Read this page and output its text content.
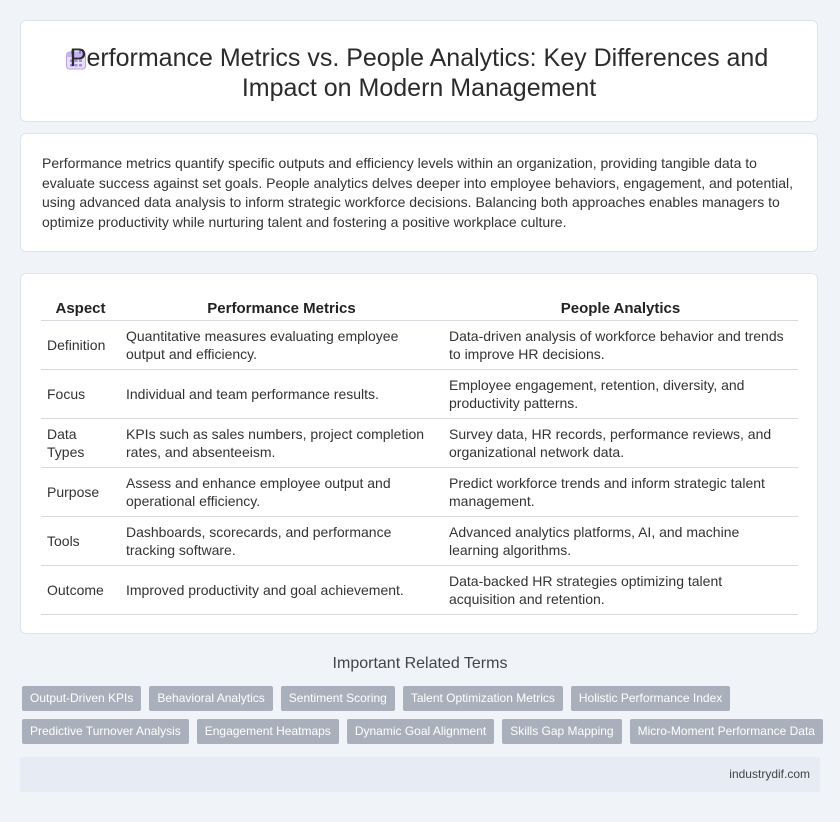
Performance Metrics vs. People Analytics: Key Differences and
Impact on Modern Management
Performance metrics quantify specific outputs and efficiency levels within an organization, providing tangible data to evaluate success against set goals. People analytics delves deeper into employee behaviors, engagement, and potential, using advanced data analysis to inform strategic workforce decisions. Balancing both approaches enables managers to optimize productivity while nurturing talent and fostering a positive workplace culture.
Aspect	Performance Metrics	People Analytics
Definition	Quantitative measures evaluating employee output and efficiency.	Data-driven analysis of workforce behavior and trends to improve HR decisions.
Focus	Individual and team performance results.	Employee engagement, retention, diversity, and productivity patterns.
Data Types	KPIs such as sales numbers, project completion rates, and absenteeism.	Survey data, HR records, performance reviews, and organizational network data.
Purpose	Assess and enhance employee output and operational efficiency.	Predict workforce trends and inform strategic talent management.
Tools	Dashboards, scorecards, and performance tracking software.	Advanced analytics platforms, AI, and machine learning algorithms.
Outcome	Improved productivity and goal achievement.	Data-backed HR strategies optimizing talent acquisition and retention.
Important Related Terms
Output-Driven KPIs	Behavioral Analytics	Sentiment Scoring	Talent Optimization Metrics	Holistic Performance Index
Predictive Turnover Analysis	Engagement Heatmaps	Dynamic Goal Alignment	Skills Gap Mapping	Micro-Moment Performance Data
industrydif.com
